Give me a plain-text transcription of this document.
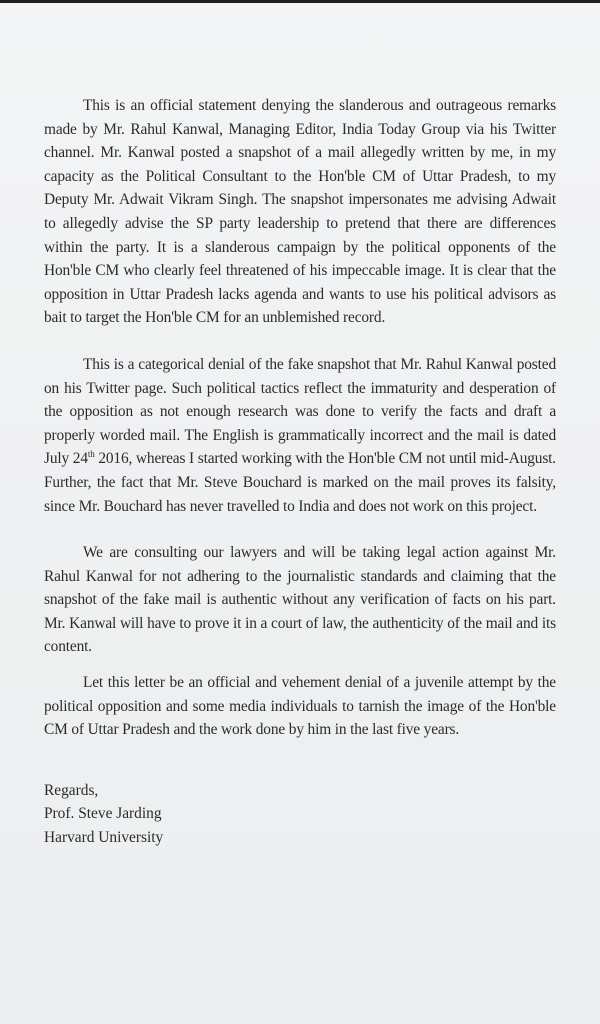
This is an official statement denying the slanderous and outrageous remarks made by Mr. Rahul Kanwal, Managing Editor, India Today Group via his Twitter channel. Mr. Kanwal posted a snapshot of a mail allegedly written by me, in my capacity as the Political Consultant to the Hon'ble CM of Uttar Pradesh, to my Deputy Mr. Adwait Vikram Singh. The snapshot impersonates me advising Adwait to allegedly advise the SP party leadership to pretend that there are differences within the party. It is a slanderous campaign by the political opponents of the Hon'ble CM who clearly feel threatened of his impeccable image. It is clear that the opposition in Uttar Pradesh lacks agenda and wants to use his political advisors as bait to target the Hon'ble CM for an unblemished record.

This is a categorical denial of the fake snapshot that Mr. Rahul Kanwal posted on his Twitter page. Such political tactics reflect the immaturity and desperation of the opposition as not enough research was done to verify the facts and draft a properly worded mail. The English is grammatically incorrect and the mail is dated July 24th 2016, whereas I started working with the Hon'ble CM not until mid-August. Further, the fact that Mr. Steve Bouchard is marked on the mail proves its falsity, since Mr. Bouchard has never travelled to India and does not work on this project.

We are consulting our lawyers and will be taking legal action against Mr. Rahul Kanwal for not adhering to the journalistic standards and claiming that the snapshot of the fake mail is authentic without any verification of facts on his part. Mr. Kanwal will have to prove it in a court of law, the authenticity of the mail and its content.

Let this letter be an official and vehement denial of a juvenile attempt by the political opposition and some media individuals to tarnish the image of the Hon'ble CM of Uttar Pradesh and the work done by him in the last five years.

Regards,
Prof. Steve Jarding
Harvard University
